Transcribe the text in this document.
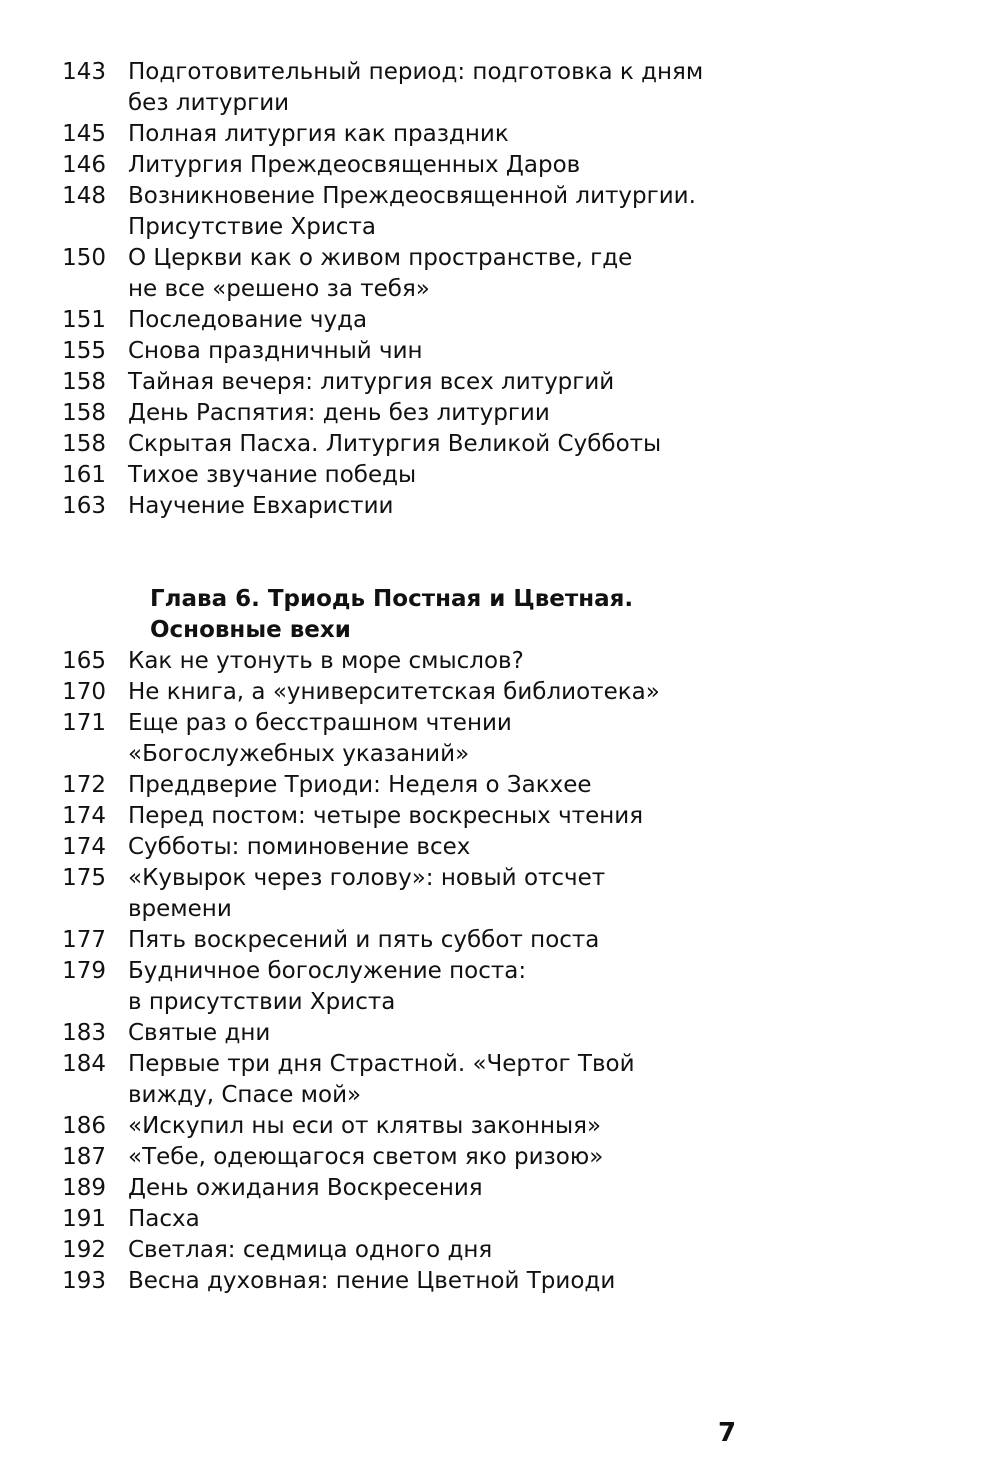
143 Подготовительный период: подготовка к дням
без литургии
145 Полная литургия как праздник
146 Литургия Преждеосвященных Даров
148 Возникновение Преждеосвященной литургии.
Присутствие Христа
150 О Церкви как о живом пространстве, где
не все «решено за тебя»
151 Последование чуда
155 Снова праздничный чин
158 Тайная вечеря: литургия всех литургий
158 День Распятия: день без литургии
158 Скрытая Пасха. Литургия Великой Субботы
161 Тихое звучание победы
163 Научение Евхаристии
Глава 6. Триодь Постная и Цветная.
Основные вехи
165 Как не утонуть в море смыслов?
170 Не книга, а «университетская библиотека»
171 Еще раз о бесстрашном чтении
«Богослужебных указаний»
172 Преддверие Триоди: Неделя о Закхее
174 Перед постом: четыре воскресных чтения
174 Субботы: поминовение всех
175 «Кувырок через голову»: новый отсчет
времени
177 Пять воскресений и пять суббот поста
179 Будничное богослужение поста:
в присутствии Христа
183 Святые дни
184 Первые три дня Страстной. «Чертог Твой
вижду, Спасе мой»
186 «Искупил ны еси от клятвы законныя»
187 «Тебе, одеющагося светом яко ризою»
189 День ожидания Воскресения
191 Пасха
192 Светлая: седмица одного дня
193 Весна духовная: пение Цветной Триоди
7
